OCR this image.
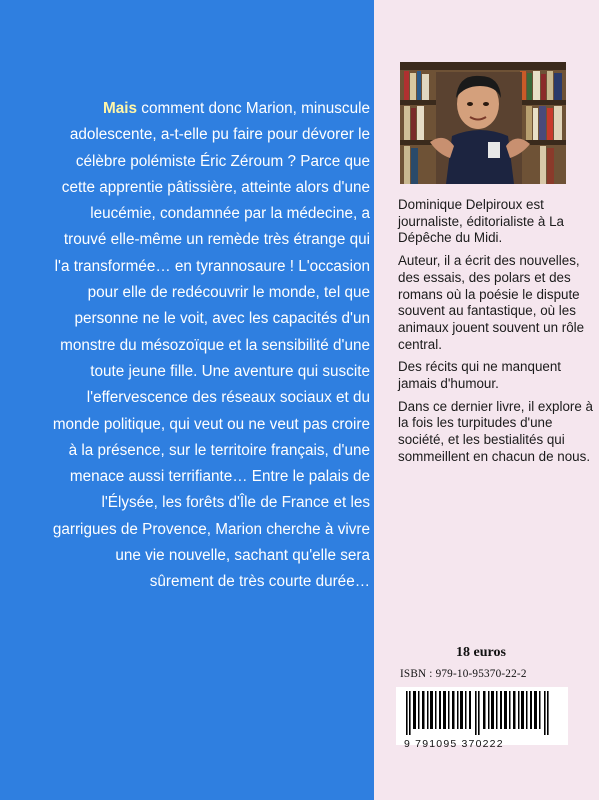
Mais comment donc Marion, minuscule adolescente, a-t-elle pu faire pour dévorer le célèbre polémiste Éric Zéroum ? Parce que cette apprentie pâtissière, atteinte alors d'une leucémie, condamnée par la médecine, a trouvé elle-même un remède très étrange qui l'a transformée… en tyrannosaure ! L'occasion pour elle de redécouvrir le monde, tel que personne ne le voit, avec les capacités d'un monstre du mésozoïque et la sensibilité d'une toute jeune fille. Une aventure qui suscite l'effervescence des réseaux sociaux et du monde politique, qui veut ou ne veut pas croire à la présence, sur le territoire français, d'une menace aussi terrifiante… Entre le palais de l'Élysée, les forêts d'Île de France et les garrigues de Provence, Marion cherche à vivre une vie nouvelle, sachant qu'elle sera sûrement de très courte durée…

Dominique Delpiroux est journaliste, éditorialiste à La Dépêche du Midi.

Auteur, il a écrit des nouvelles, des essais, des polars et des romans où la poésie le dispute souvent au fantastique, où les animaux jouent souvent un rôle central.

Des récits qui ne manquent jamais d'humour.

Dans ce dernier livre, il explore à la fois les turpitudes d'une société, et les bestialités qui sommeillent en chacun de nous.

18 euros
ISBN : 979-10-95370-22-2
9 791095 370222
